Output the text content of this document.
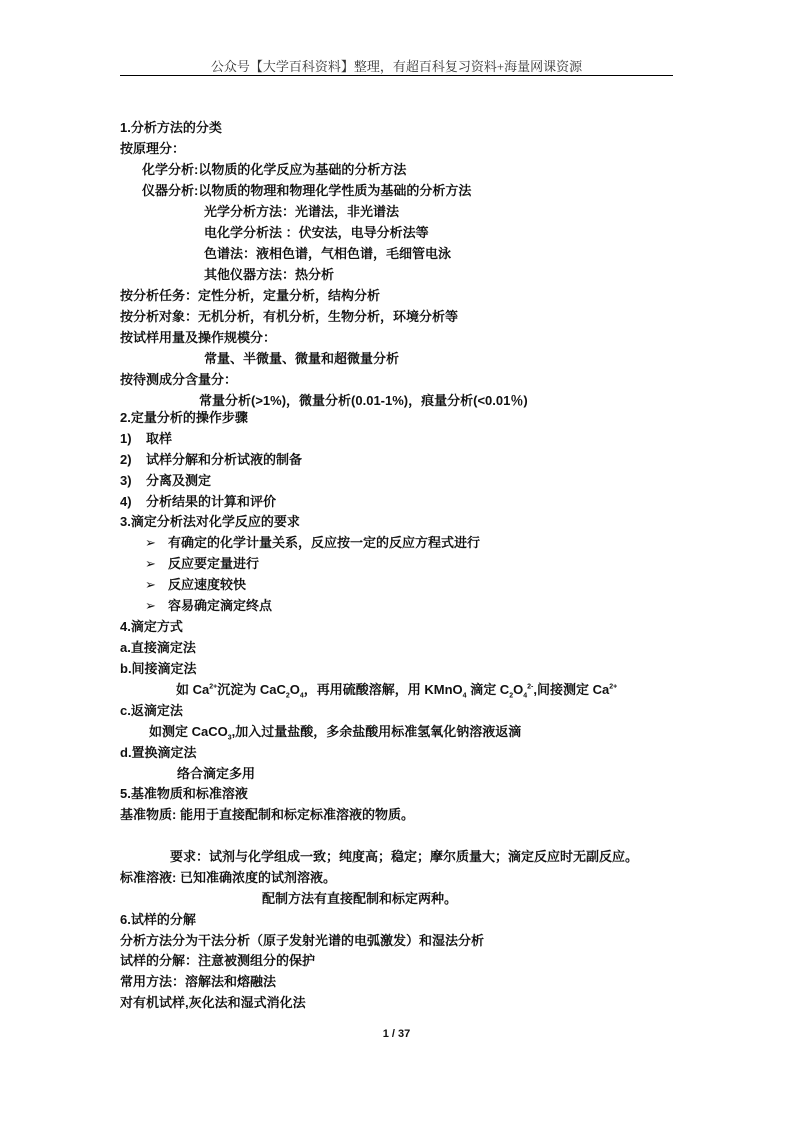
公众号【大学百科资料】整理，有超百科复习资料+海量网课资源
1.分析方法的分类
按原理分：
化学分析:以物质的化学反应为基础的分析方法
仪器分析:以物质的物理和物理化学性质为基础的分析方法
光学分析方法：光谱法，非光谱法
电化学分析法 ：伏安法，电导分析法等
色谱法：液相色谱，气相色谱，毛细管电泳
其他仪器方法：热分析
按分析任务：定性分析，定量分析，结构分析
按分析对象：无机分析，有机分析，生物分析，环境分析等
按试样用量及操作规模分：
常量、半微量、微量和超微量分析
按待测成分含量分：
常量分析(>1%)，微量分析(0.01-1%)，痕量分析(<0.01％)
2.定量分析的操作步骤
1) 取样
2) 试样分解和分析试液的制备
3) 分离及测定
4) 分析结果的计算和评价
3.滴定分析法对化学反应的要求
➢ 有确定的化学计量关系，反应按一定的反应方程式进行
➢ 反应要定量进行
➢ 反应速度较快
➢ 容易确定滴定终点
4.滴定方式
a.直接滴定法
b.间接滴定法
如 $Ca^{2+}$沉淀为 $CaC_2O_4$，再用硫酸溶解，用 KMnO$_4$ 滴定 $C_2O_4^{2-}$,间接测定 $Ca^{2+}$
c.返滴定法
如测定 CaCO$_3$,加入过量盐酸，多余盐酸用标准氢氧化钠溶液返滴
d.置换滴定法
络合滴定多用
5.基准物质和标准溶液
基准物质: 能用于直接配制和标定标准溶液的物质。
要求：试剂与化学组成一致；纯度高；稳定；摩尔质量大；滴定反应时无副反应。
标准溶液: 已知准确浓度的试剂溶液。
配制方法有直接配制和标定两种。
6.试样的分解
分析方法分为干法分析（原子发射光谱的电弧激发）和湿法分析
试样的分解：注意被测组分的保护
常用方法：溶解法和熔融法
对有机试样,灰化法和湿式消化法
1 / 37
